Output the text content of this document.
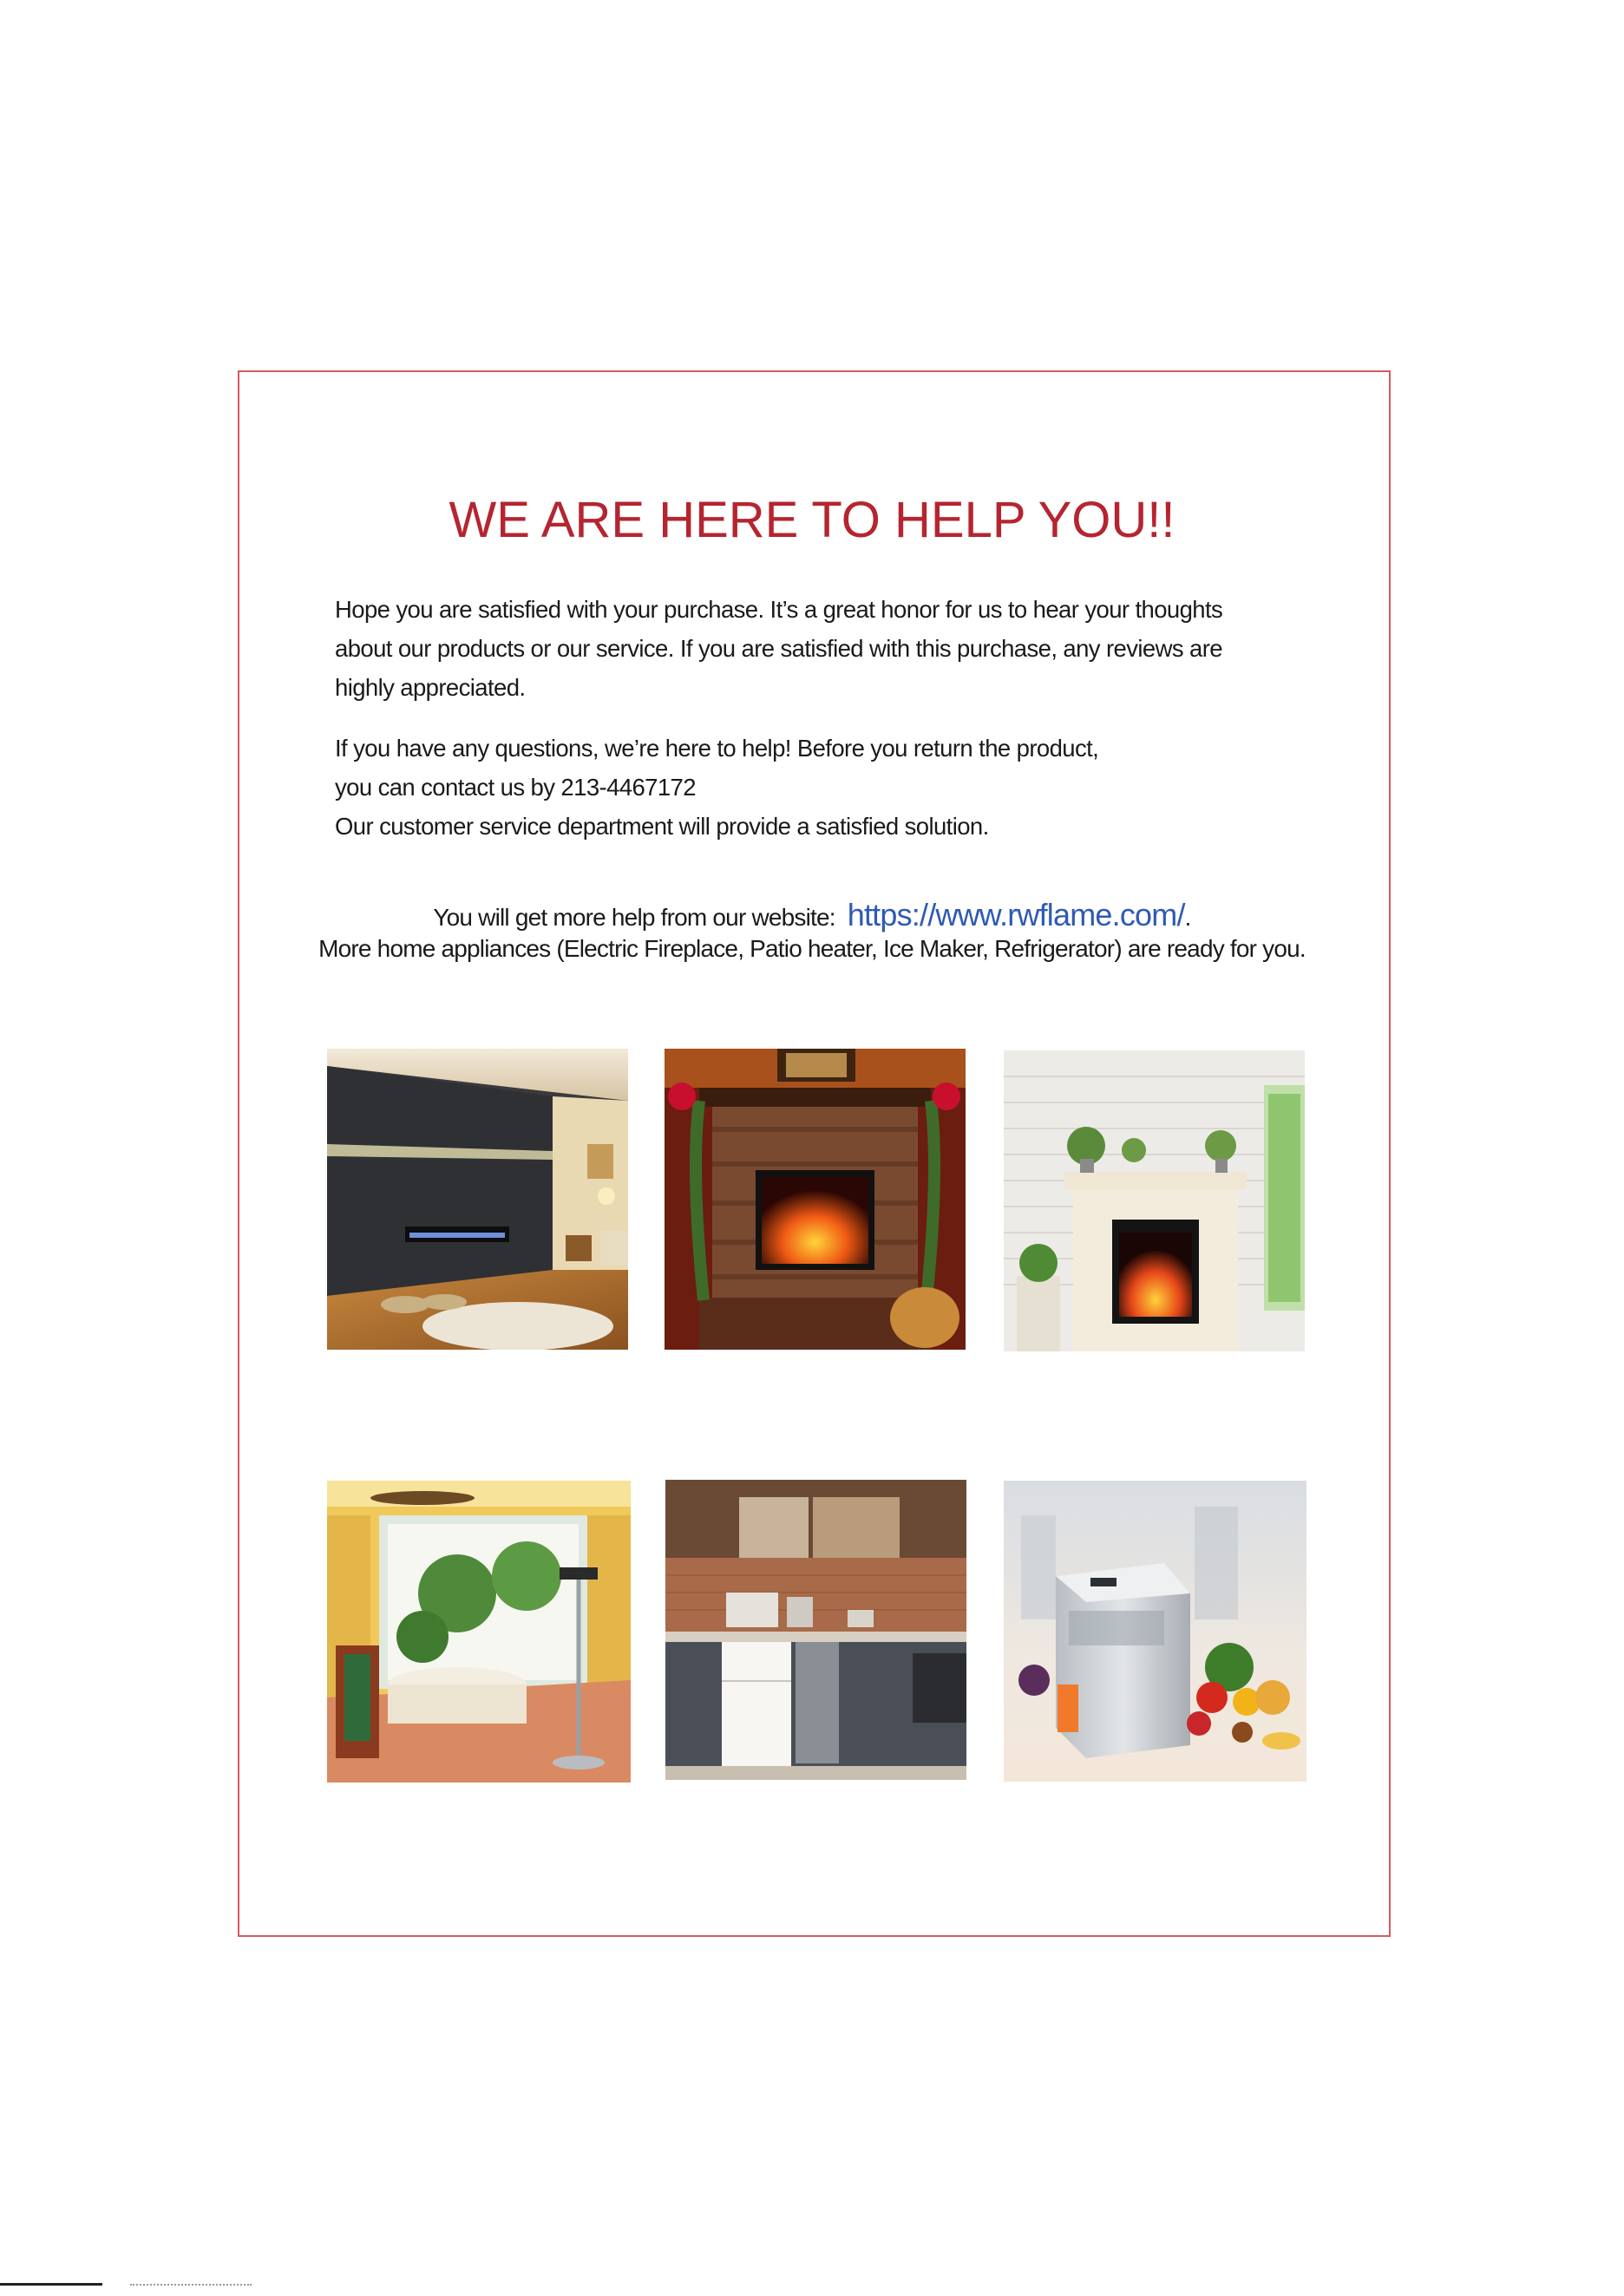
WE ARE HERE TO HELP YOU!!
Hope you are satisfied with your purchase. It’s a great honor for us to hear your thoughts
about our products or our service. If you are satisfied with this purchase, any reviews are
highly appreciated.
If you have any questions, we’re here to help! Before you return the product,
you can contact us by 213-4467172
Our customer service department will provide a satisfied solution.

You will get more help from our website: https://www.rwflame.com/.

More home appliances (Electric Fireplace, Patio heater, Ice Maker, Refrigerator) are ready for you.
